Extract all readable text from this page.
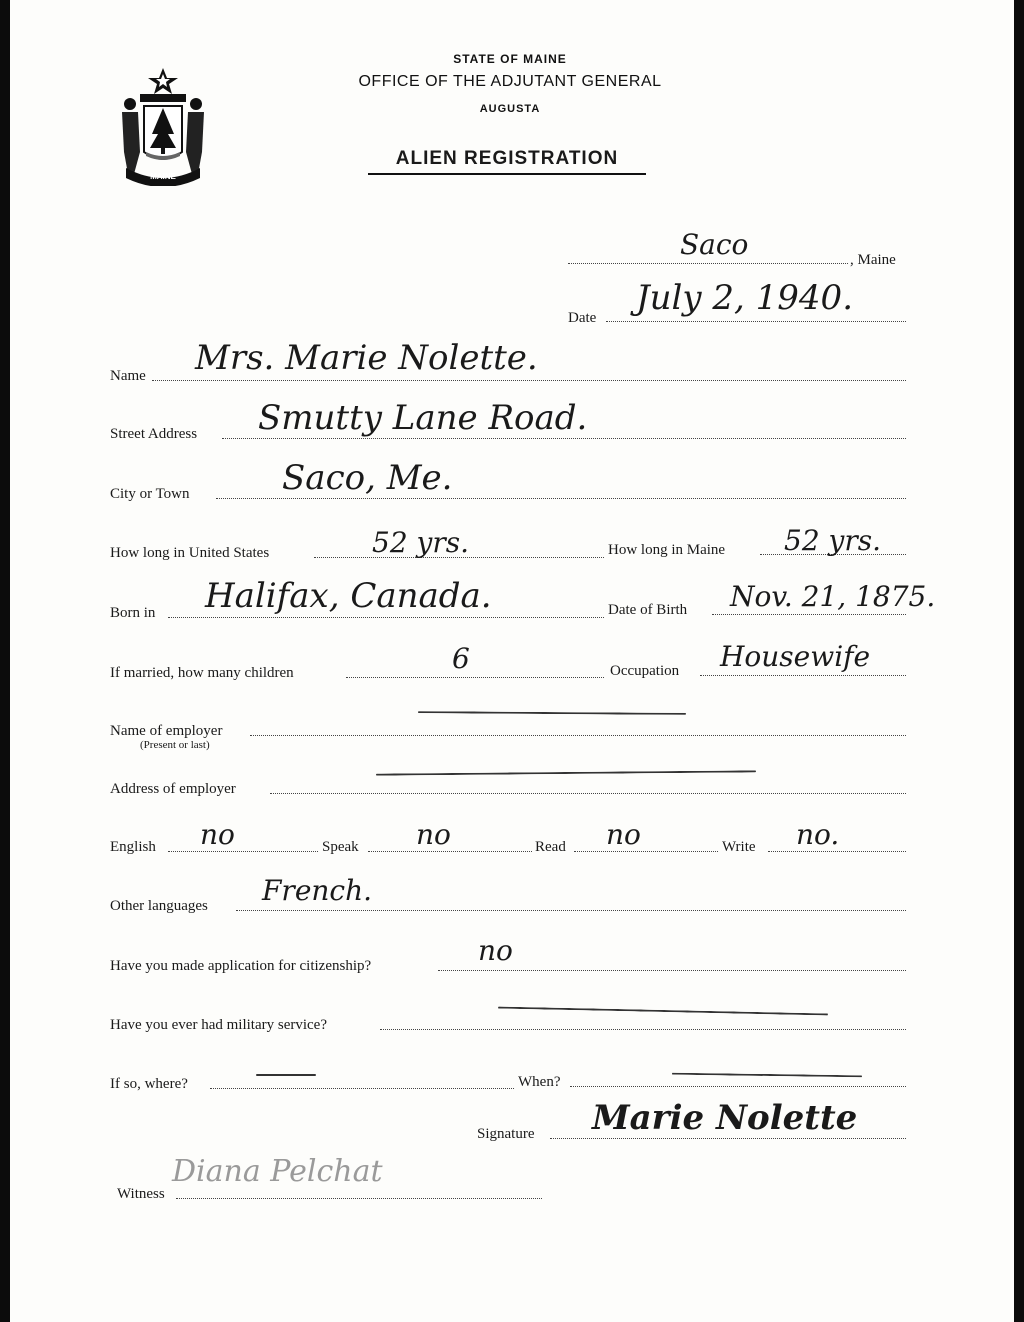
MAINE
STATE OF MAINE
OFFICE OF THE ADJUTANT GENERAL
AUGUSTA
ALIEN REGISTRATION
Saco	, Maine
Date July 2, 1940.
Name Mrs. Marie Nolette.
Street Address Smutty Lane Road.
City or Town	Saco, Me.
How long in United States	52 yrs.	How long in Maine 52 yrs.
Born in Halifax, Canada.	Date of Birth Nov. 21, 1875.
If married, how many children	6	Occupation Housewife
Name of employer
(Present or last)
Address of employer
English no	Speak no	Read no	Write no.
Other languages French.
Have you made application for citizenship?	no
Have you ever had military service?
If so, where?	When?
Signature Marie Nolette
Witness
Diana Pelchat
